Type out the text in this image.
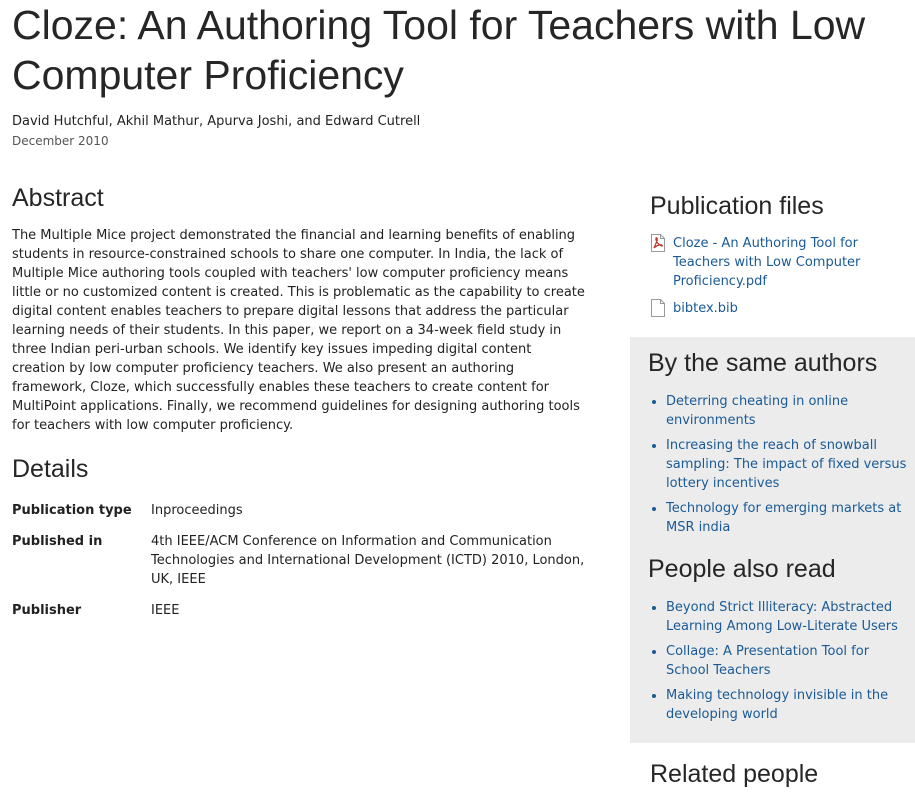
Cloze: An Authoring Tool for Teachers with Low Computer Proficiency

David Hutchful, Akhil Mathur, Apurva Joshi, and Edward Cutrell

December 2010

Abstract

The Multiple Mice project demonstrated the financial and learning benefits of enabling students in resource-constrained schools to share one computer. In India, the lack of Multiple Mice authoring tools coupled with teachers' low computer proficiency means little or no customized content is created. This is problematic as the capability to create digital content enables teachers to prepare digital lessons that address the particular learning needs of their students. In this paper, we report on a 34-week field study in three Indian peri-urban schools. We identify key issues impeding digital content creation by low computer proficiency teachers. We also present an authoring framework, Cloze, which successfully enables these teachers to create content for MultiPoint applications. Finally, we recommend guidelines for designing authoring tools for teachers with low computer proficiency.

Details
Publication type	Inproceedings
Published in	4th IEEE/ACM Conference on Information and Communication Technologies and International Development (ICTD) 2010, London, UK, IEEE
Publisher	IEEE
Publication files
Cloze - An Authoring Tool for Teachers with Low Computer Proficiency.pdf
bibtex.bib
By the same authors
• Deterring cheating in online environments
• Increasing the reach of snowball sampling: The impact of fixed versus lottery incentives
• Technology for emerging markets at MSR india
People also read
• Beyond Strict Illiteracy: Abstracted Learning Among Low-Literate Users
• Collage: A Presentation Tool for School Teachers
• Making technology invisible in the developing world
Related people
